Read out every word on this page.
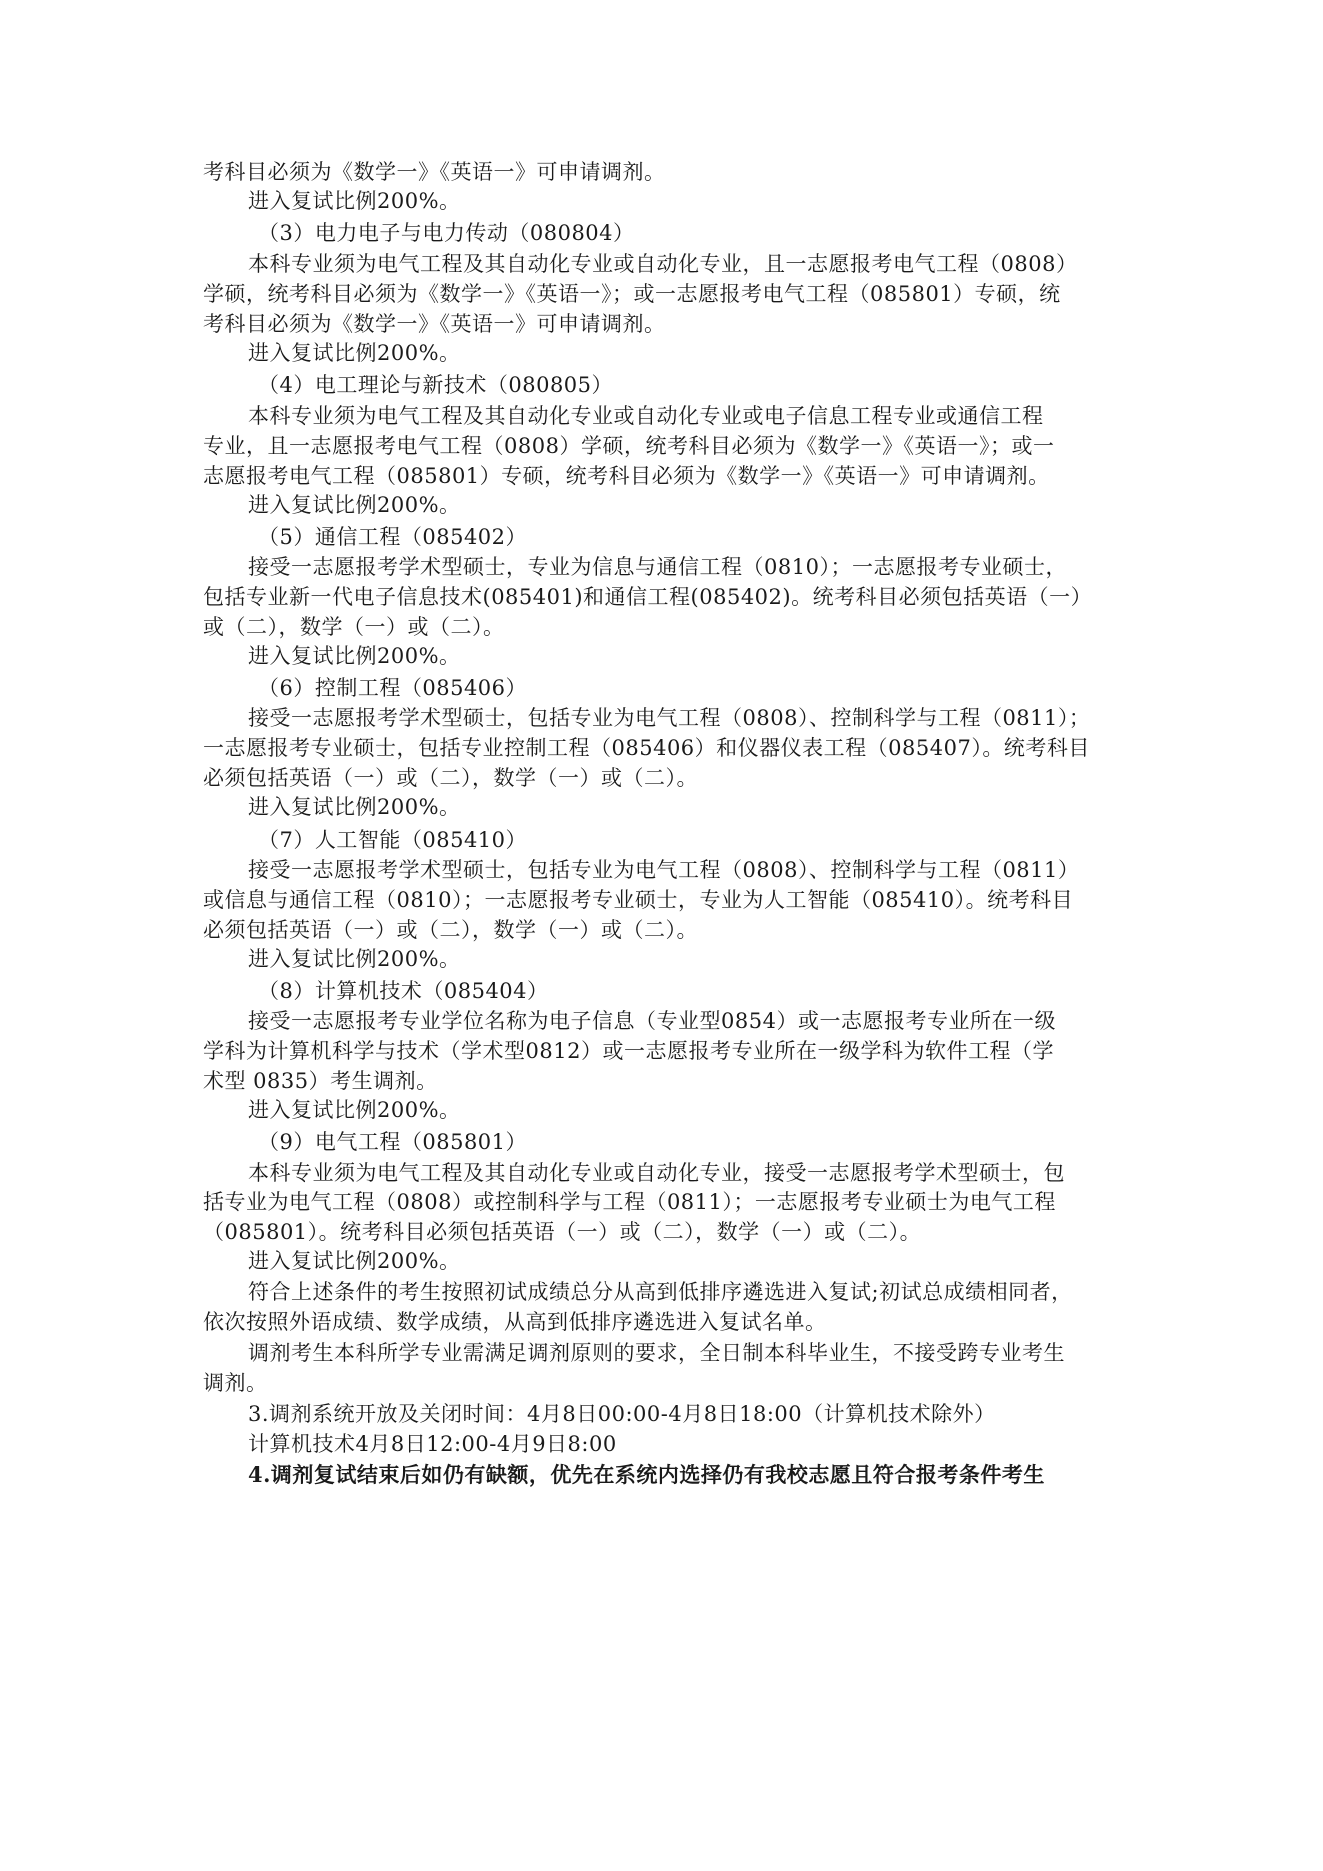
考科目必须为《数学一》《英语一》可申请调剂。
进入复试比例200%。
（3）电力电子与电力传动（080804）
本科专业须为电气工程及其自动化专业或自动化专业，且一志愿报考电气工程（0808）
学硕，统考科目必须为《数学一》《英语一》；或一志愿报考电气工程（085801）专硕，统
考科目必须为《数学一》《英语一》可申请调剂。
进入复试比例200%。
（4）电工理论与新技术（080805）
本科专业须为电气工程及其自动化专业或自动化专业或电子信息工程专业或通信工程
专业，且一志愿报考电气工程（0808）学硕，统考科目必须为《数学一》《英语一》；或一
志愿报考电气工程（085801）专硕，统考科目必须为《数学一》《英语一》可申请调剂。
进入复试比例200%。
（5）通信工程（085402）
接受一志愿报考学术型硕士，专业为信息与通信工程（0810）；一志愿报考专业硕士，
包括专业新一代电子信息技术(085401)和通信工程(085402)。统考科目必须包括英语（一）
或（二），数学（一）或（二）。
进入复试比例200%。
（6）控制工程（085406）
接受一志愿报考学术型硕士，包括专业为电气工程（0808）、控制科学与工程（0811）；
一志愿报考专业硕士，包括专业控制工程（085406）和仪器仪表工程（085407）。统考科目
必须包括英语（一）或（二），数学（一）或（二）。
进入复试比例200%。
（7）人工智能（085410）
接受一志愿报考学术型硕士，包括专业为电气工程（0808）、控制科学与工程（0811）
或信息与通信工程（0810）；一志愿报考专业硕士，专业为人工智能（085410）。统考科目
必须包括英语（一）或（二），数学（一）或（二）。
进入复试比例200%。
（8）计算机技术（085404）
接受一志愿报考专业学位名称为电子信息（专业型0854）或一志愿报考专业所在一级
学科为计算机科学与技术（学术型0812）或一志愿报考专业所在一级学科为软件工程（学
术型 0835）考生调剂。
进入复试比例200%。
（9）电气工程（085801）
本科专业须为电气工程及其自动化专业或自动化专业，接受一志愿报考学术型硕士，包
括专业为电气工程（0808）或控制科学与工程（0811）；一志愿报考专业硕士为电气工程
（085801）。统考科目必须包括英语（一）或（二），数学（一）或（二）。
进入复试比例200%。
符合上述条件的考生按照初试成绩总分从高到低排序遴选进入复试;初试总成绩相同者，
依次按照外语成绩、数学成绩，从高到低排序遴选进入复试名单。
调剂考生本科所学专业需满足调剂原则的要求，全日制本科毕业生，不接受跨专业考生
调剂。
3.调剂系统开放及关闭时间：4月8日00:00-4月8日18:00（计算机技术除外）
计算机技术4月8日12:00-4月9日8:00
4.调剂复试结束后如仍有缺额，优先在系统内选择仍有我校志愿且符合报考条件考生
